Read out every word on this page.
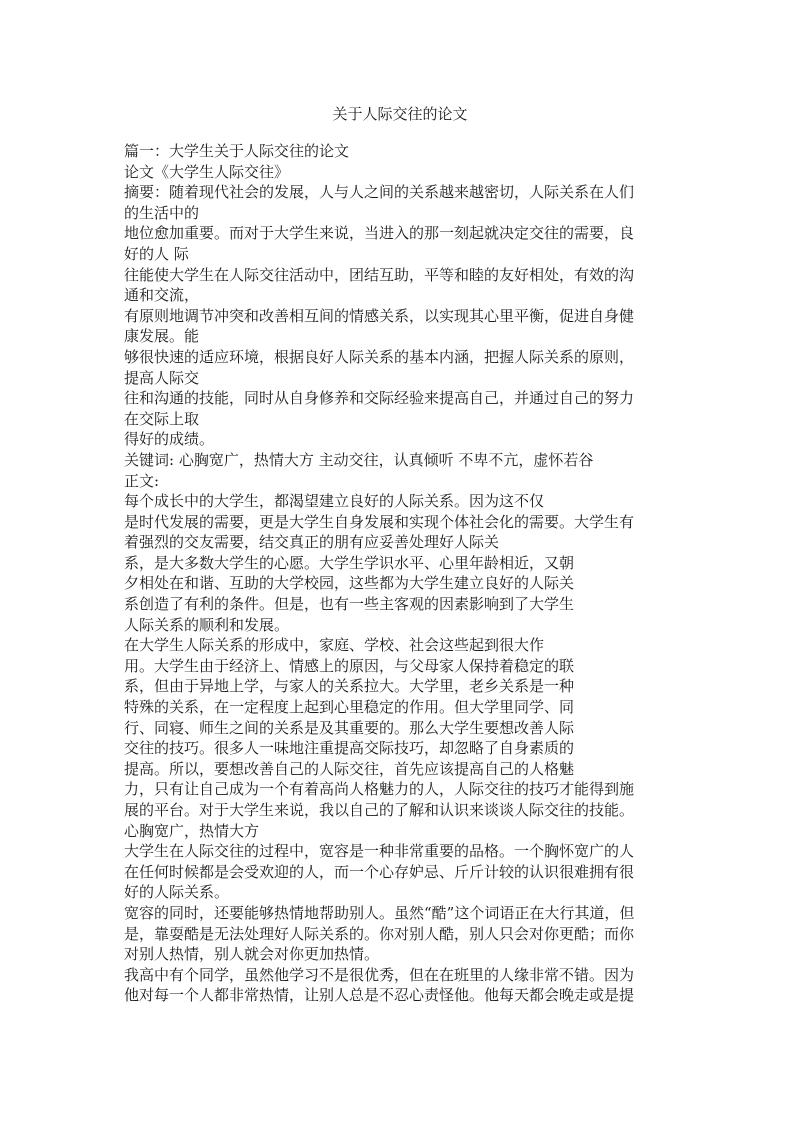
关于人际交往的论文
篇一：大学生关于人际交往的论文
论文《大学生人际交往》
摘要：随着现代社会的发展，人与人之间的关系越来越密切，人际关系在人们
的生活中的
地位愈加重要。而对于大学生来说，当进入的那一刻起就决定交往的需要，良
好的人 际
往能使大学生在人际交往活动中，团结互助，平等和睦的友好相处，有效的沟
通和交流，
有原则地调节冲突和改善相互间的情感关系，以实现其心里平衡，促进自身健
康发展。能
够很快速的适应环境，根据良好人际关系的基本内涵，把握人际关系的原则，
提高人际交
往和沟通的技能，同时从自身修养和交际经验来提高自己，并通过自己的努力
在交际上取
得好的成绩。
关键词: 心胸宽广，热情大方 主动交往，认真倾听 不卑不亢，虚怀若谷
正文:
每个成长中的大学生，都渴望建立良好的人际关系。因为这不仅
是时代发展的需要，更是大学生自身发展和实现个体社会化的需要。大学生有
着强烈的交友需要，结交真正的朋有应妥善处理好人际关
系，是大多数大学生的心愿。大学生学识水平、心里年龄相近，又朝
夕相处在和谐、互助的大学校园，这些都为大学生建立良好的人际关
系创造了有利的条件。但是，也有一些主客观的因素影响到了大学生
人际关系的顺利和发展。
在大学生人际关系的形成中，家庭、学校、社会这些起到很大作
用。大学生由于经济上、情感上的原因，与父母家人保持着稳定的联
系，但由于异地上学，与家人的关系拉大。大学里，老乡关系是一种
特殊的关系，在一定程度上起到心里稳定的作用。但大学里同学、同
行、同寝、师生之间的关系是及其重要的。那么大学生要想改善人际
交往的技巧。很多人一味地注重提高交际技巧，却忽略了自身素质的
提高。所以，要想改善自己的人际交往，首先应该提高自己的人格魅
力，只有让自己成为一个有着高尚人格魅力的人，人际交往的技巧才能得到施
展的平台。对于大学生来说，我以自己的了解和认识来谈谈人际交往的技能。
心胸宽广，热情大方
大学生在人际交往的过程中，宽容是一种非常重要的品格。一个胸怀宽广的人
在任何时候都是会受欢迎的人，而一个心存妒忌、斤斤计较的认识很难拥有很
好的人际关系。
宽容的同时，还要能够热情地帮助别人。虽然“酷”这个词语正在大行其道，但
是，靠耍酷是无法处理好人际关系的。你对别人酷，别人只会对你更酷；而你
对别人热情，别人就会对你更加热情。
我高中有个同学，虽然他学习不是很优秀，但在在班里的人缘非常不错。因为
他对每一个人都非常热情，让别人总是不忍心责怪他。他每天都会晚走或是提
